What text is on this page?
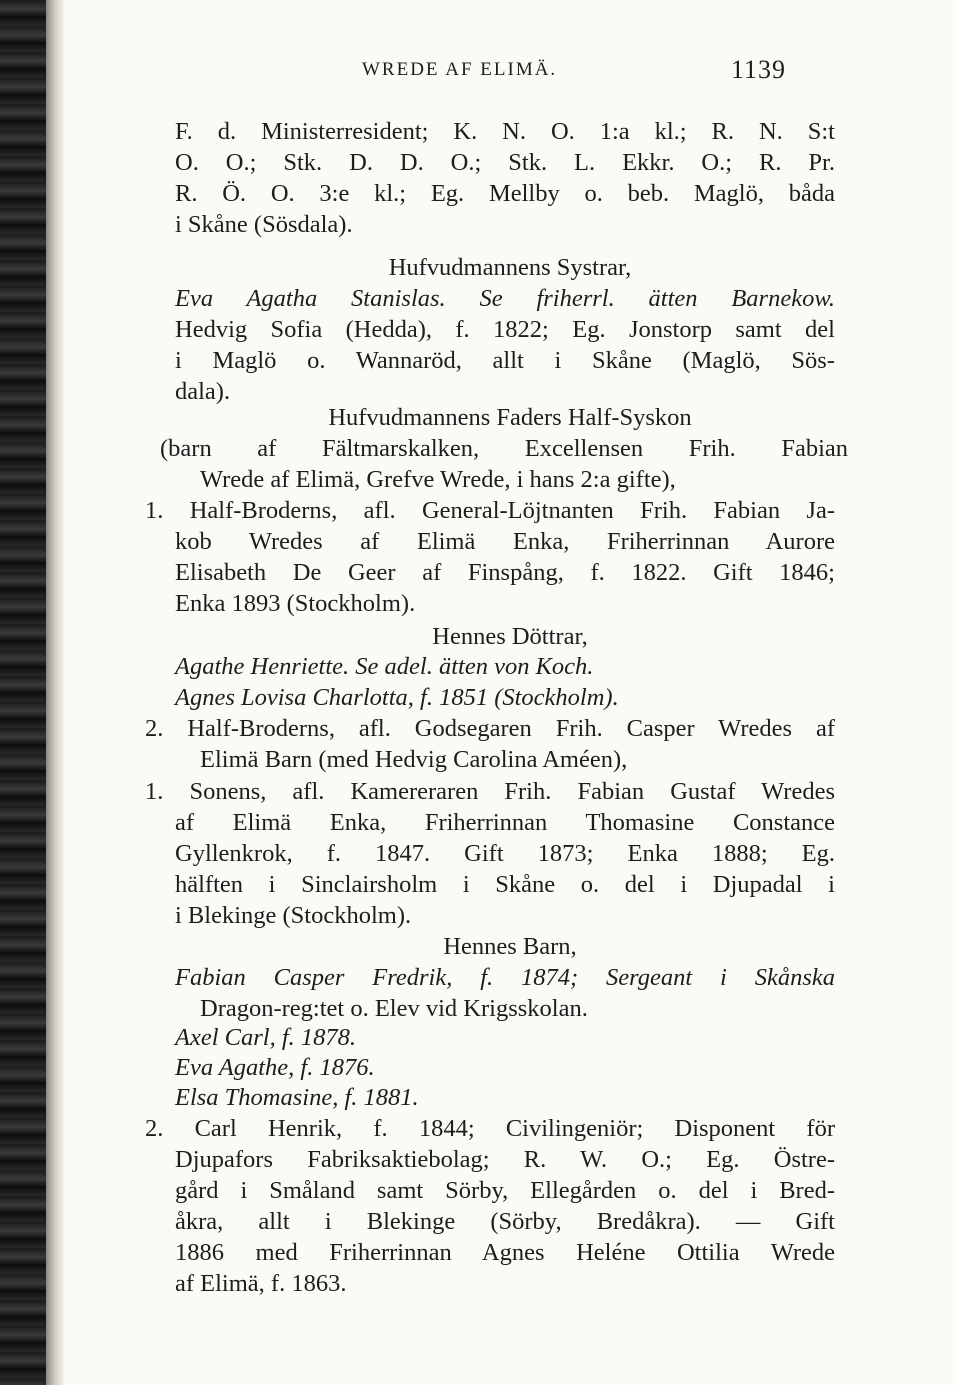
WREDE AF ELIMÄ.	1139
F. d. Ministerresident; K. N. O. 1:a kl.; R. N. S:t
O. O.; Stk. D. D. O.; Stk. L. Ekkr. O.; R. Pr.
R. Ö. O. 3:e kl.; Eg. Mellby o. beb. Maglö, båda
i Skåne (Sösdala).
Hufvudmannens Systrar,
Eva Agatha Stanislas. Se friherrl. ätten Barnekow.
Hedvig Sofia (Hedda), f. 1822; Eg. Jonstorp samt del
i Maglö o. Wannaröd, allt i Skåne (Maglö, Sös-
dala).
Hufvudmannens Faders Half-Syskon
(barn af Fältmarskalken, Excellensen Frih. Fabian
Wrede af Elimä, Grefve Wrede, i hans 2:a gifte),
1. Half-Broderns, afl. General-Löjtnanten Frih. Fabian Ja-
kob Wredes af Elimä Enka, Friherrinnan Aurore
Elisabeth De Geer af Finspång, f. 1822. Gift 1846;
Enka 1893 (Stockholm).
Hennes Döttrar,
Agathe Henriette. Se adel. ätten von Koch.
Agnes Lovisa Charlotta, f. 1851 (Stockholm).
2. Half-Broderns, afl. Godsegaren Frih. Casper Wredes af
Elimä Barn (med Hedvig Carolina Améen),
1. Sonens, afl. Kamereraren Frih. Fabian Gustaf Wredes
af Elimä Enka, Friherrinnan Thomasine Constance
Gyllenkrok, f. 1847. Gift 1873; Enka 1888; Eg.
hälften i Sinclairsholm i Skåne o. del i Djupadal i
i Blekinge (Stockholm).
Hennes Barn,
Fabian Casper Fredrik, f. 1874; Sergeant i Skånska
Dragon-reg:tet o. Elev vid Krigsskolan.
Axel Carl, f. 1878.
Eva Agathe, f. 1876.
Elsa Thomasine, f. 1881.
2. Carl Henrik, f. 1844; Civilingeniör; Disponent för
Djupafors Fabriksaktiebolag; R. W. O.; Eg. Östre-
gård i Småland samt Sörby, Ellegården o. del i Bred-
åkra, allt i Blekinge (Sörby, Bredåkra). — Gift
1886 med Friherrinnan Agnes Heléne Ottilia Wrede
af Elimä, f. 1863.
